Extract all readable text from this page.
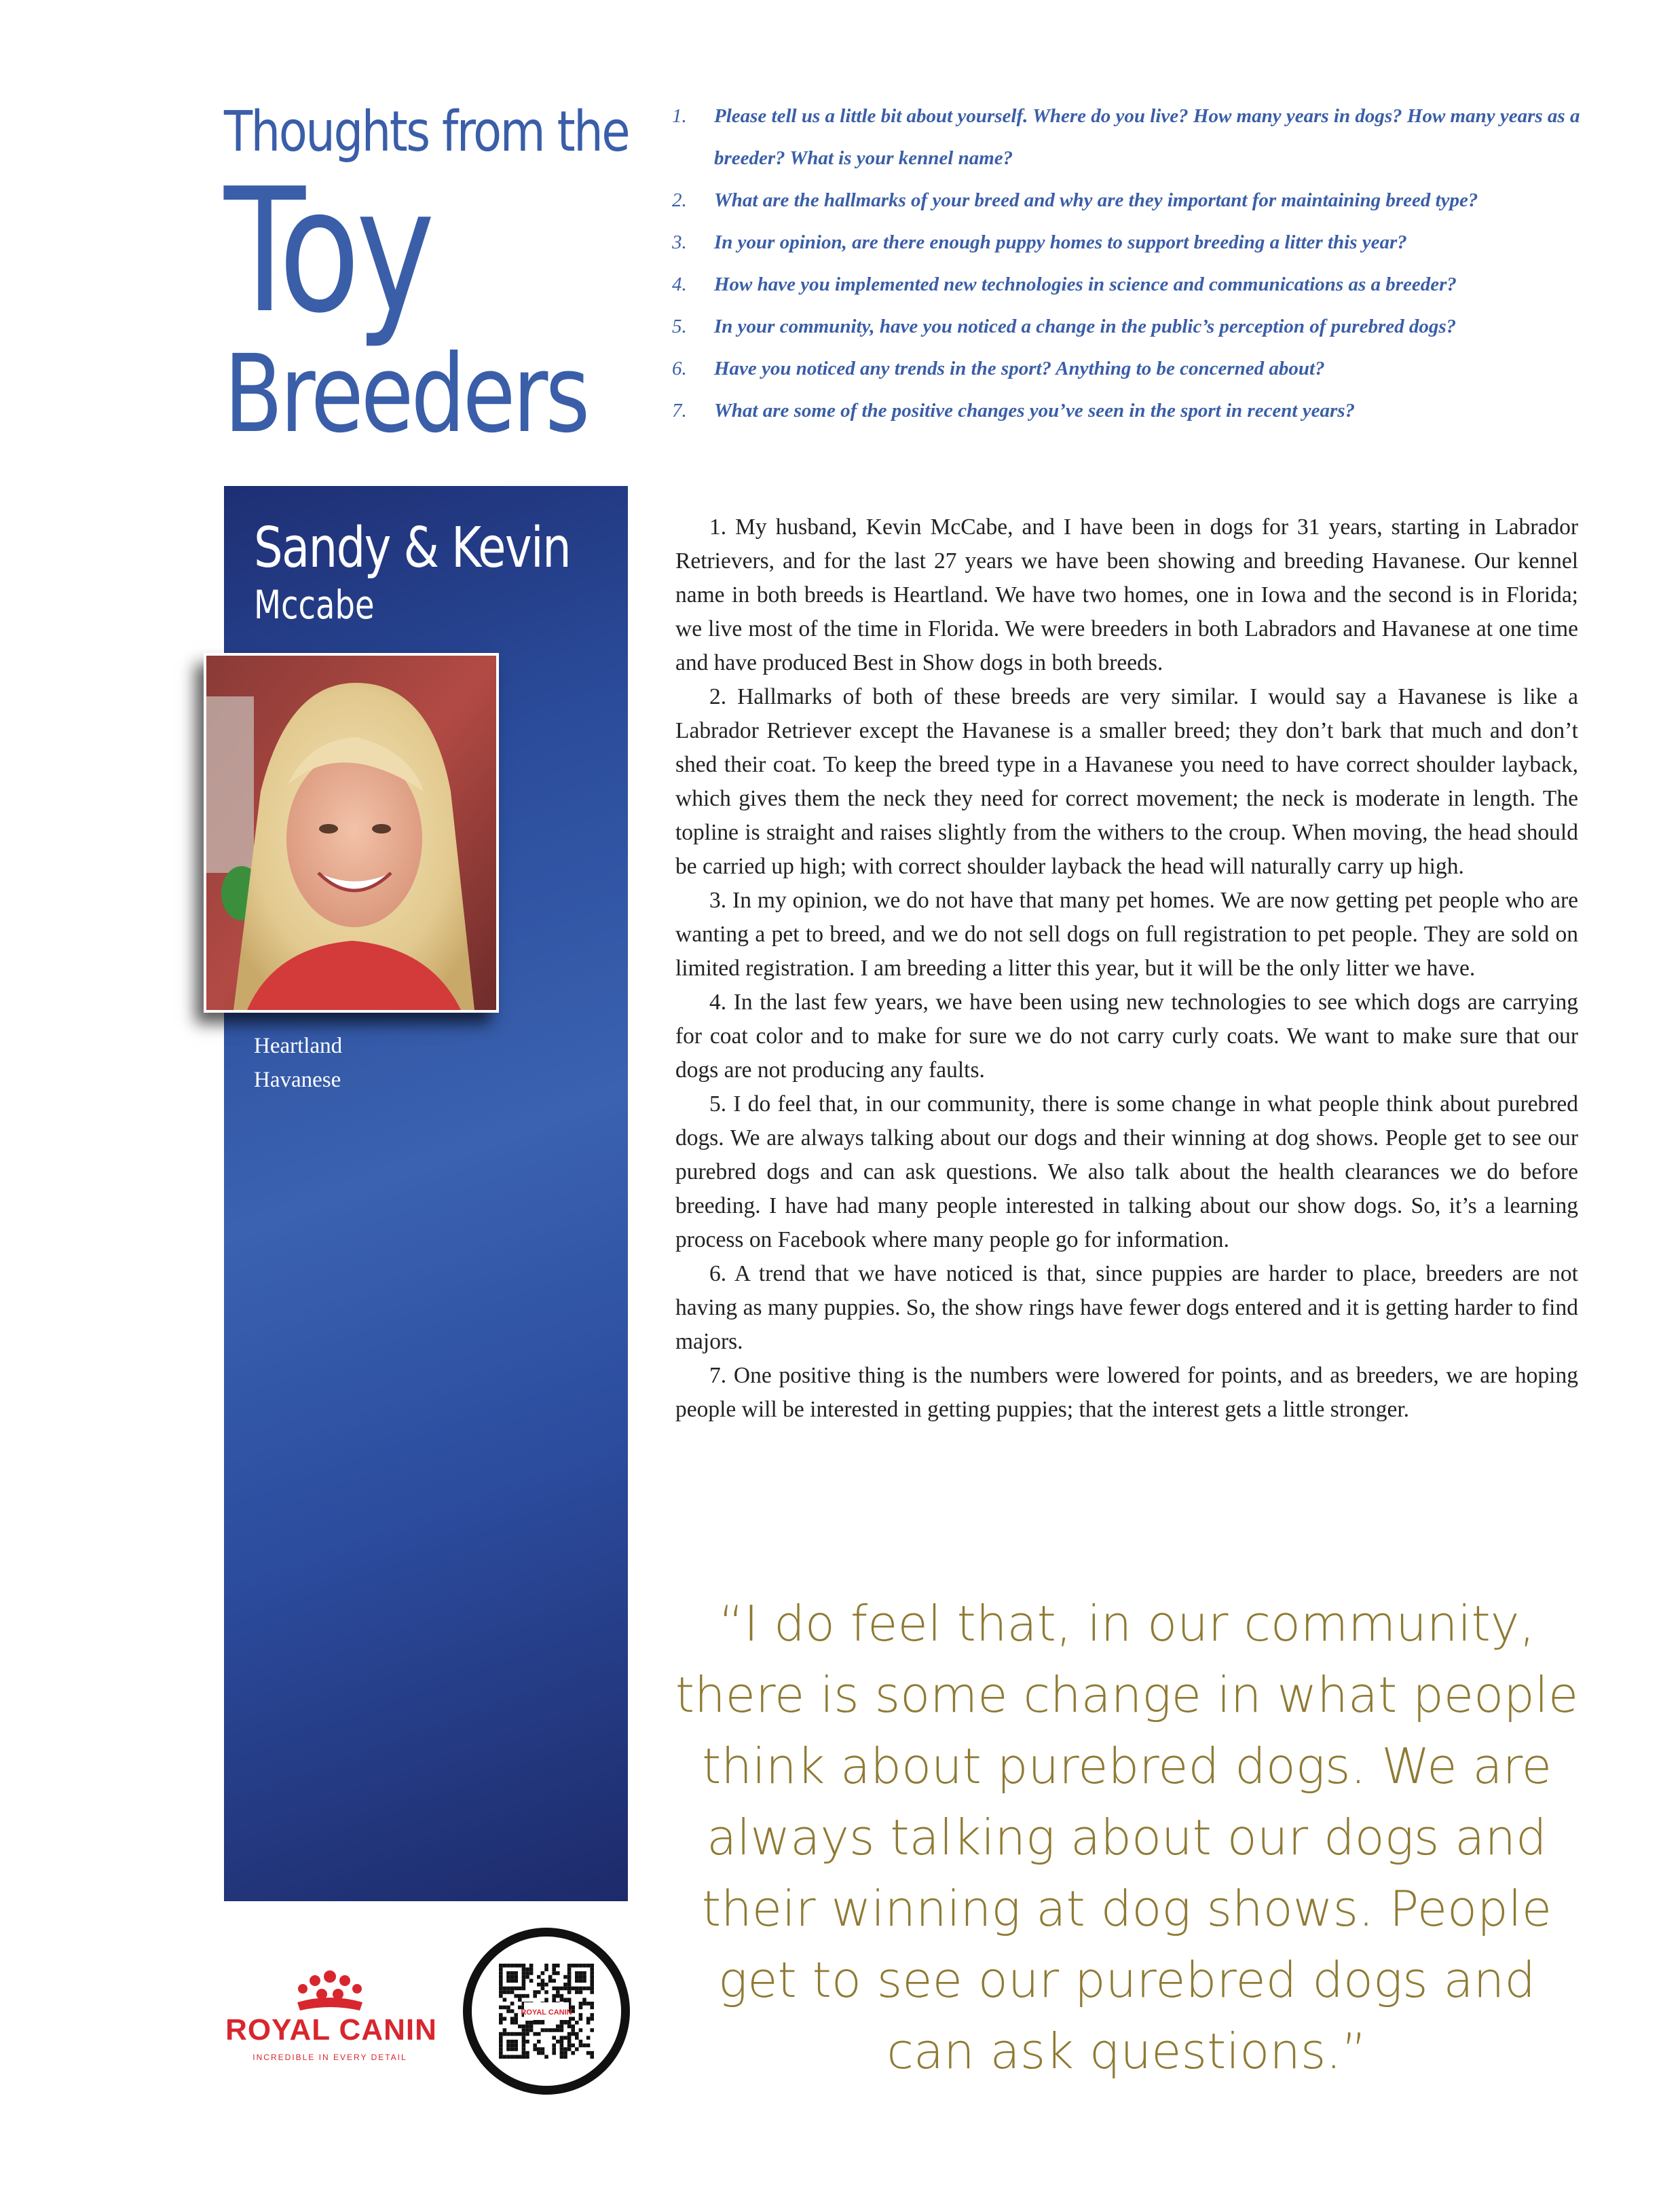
Thoughts from the
Toy
Breeders
1. Please tell us a little bit about yourself. Where do you live? How many years in dogs? How many years as a breeder? What is your kennel name?
2. What are the hallmarks of your breed and why are they important for maintaining breed type?
3. In your opinion, are there enough puppy homes to support breeding a litter this year?
4. How have you implemented new technologies in science and communications as a breeder?
5. In your community, have you noticed a change in the public’s perception of purebred dogs?
6. Have you noticed any trends in the sport? Anything to be concerned about?
7. What are some of the positive changes you’ve seen in the sport in recent years?
Sandy & Kevin
Mccabe
Heartland
Havanese

1. My husband, Kevin McCabe, and I have been in dogs for 31 years, starting in Labrador Retrievers, and for the last 27 years we have been showing and breeding Havanese. Our kennel name in both breeds is Heartland. We have two homes, one in Iowa and the second is in Florida; we live most of the time in Florida. We were breeders in both Labradors and Havanese at one time and have produced Best in Show dogs in both breeds.

2. Hallmarks of both of these breeds are very similar. I would say a Havanese is like a Labrador Retriever except the Havanese is a smaller breed; they don’t bark that much and don’t shed their coat. To keep the breed type in a Havanese you need to have correct shoulder layback, which gives them the neck they need for correct movement; the neck is moderate in length. The topline is straight and raises slightly from the withers to the croup. When moving, the head should be carried up high; with correct shoulder layback the head will naturally carry up high.

3. In my opinion, we do not have that many pet homes. We are now getting pet people who are wanting a pet to breed, and we do not sell dogs on full registration to pet people. They are sold on limited registration. I am breeding a litter this year, but it will be the only litter we have.

4. In the last few years, we have been using new technologies to see which dogs are carrying for coat color and to make for sure we do not carry curly coats. We want to make sure that our dogs are not producing any faults.

5. I do feel that, in our community, there is some change in what people think about purebred dogs. We are always talking about our dogs and their winning at dog shows. People get to see our purebred dogs and can ask questions. We also talk about the health clearances we do before breeding. I have had many people interested in talking about our show dogs. So, it’s a learning process on Facebook where many people go for information.

6. A trend that we have noticed is that, since puppies are harder to place, breeders are not having as many puppies. So, the show rings have fewer dogs entered and it is getting harder to find majors.

7. One positive thing is the numbers were lowered for points, and as breeders, we are hoping people will be interested in getting puppies; that the interest gets a little stronger.

“I do feel that, in our community, there is some change in what people think about purebred dogs. We are always talking about our dogs and their winning at dog shows. People get to see our purebred dogs and can ask questions.”
ROYAL CANIN
INCREDIBLE IN EVERY DETAIL
ROYAL CANIN
